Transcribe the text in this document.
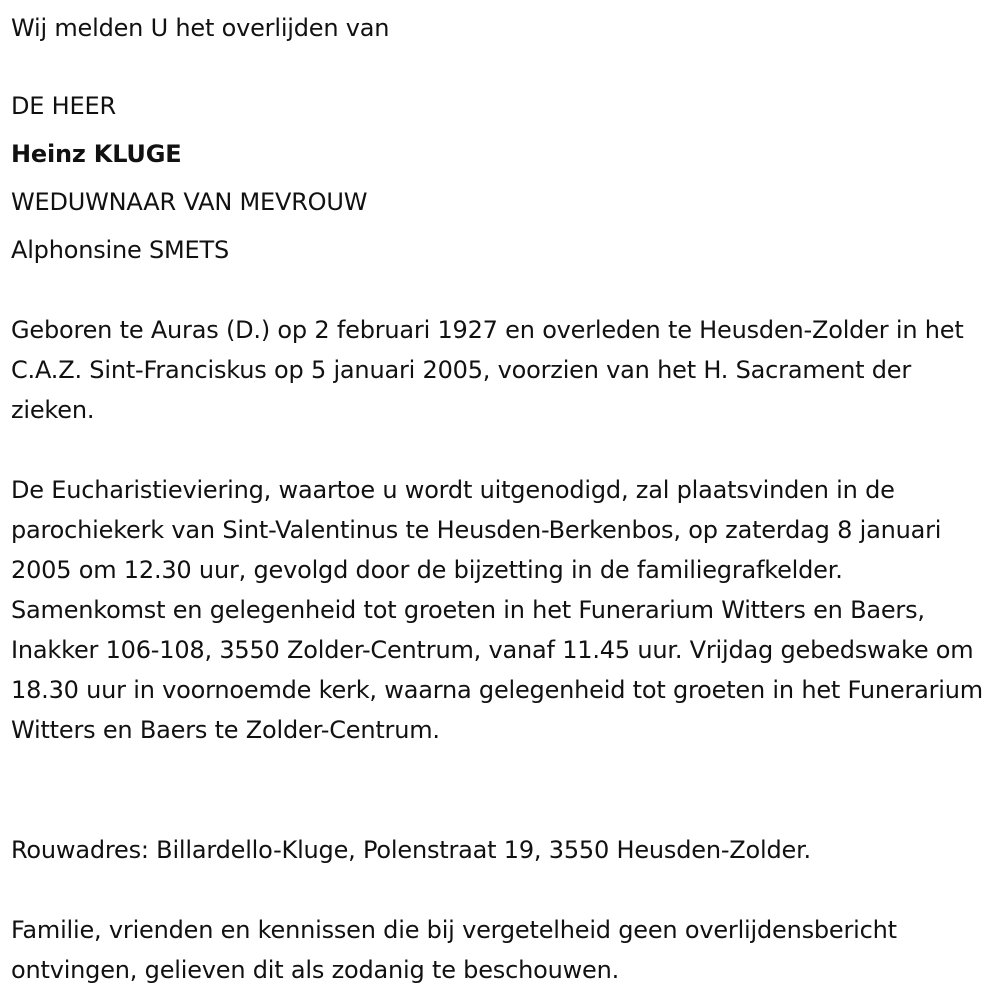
Wij melden U het overlijden van
DE HEER
Heinz KLUGE
WEDUWNAAR VAN MEVROUW
Alphonsine SMETS

Geboren te Auras (D.) op 2 februari 1927 en overleden te Heusden-Zolder in het C.A.Z. Sint-Franciskus op 5 januari 2005, voorzien van het H. Sacrament der zieken.

De Eucharistieviering, waartoe u wordt uitgenodigd, zal plaatsvinden in de parochiekerk van Sint-Valentinus te Heusden-Berkenbos, op zaterdag 8 januari 2005 om 12.30 uur, gevolgd door de bijzetting in de familiegrafkelder. Samenkomst en gelegenheid tot groeten in het Funerarium Witters en Baers, Inakker 106-108, 3550 Zolder-Centrum, vanaf 11.45 uur. Vrijdag gebedswake om 18.30 uur in voornoemde kerk, waarna gelegenheid tot groeten in het Funerarium Witters en Baers te Zolder-Centrum.

Rouwadres: Billardello-Kluge, Polenstraat 19, 3550 Heusden-Zolder.

Familie, vrienden en kennissen die bij vergetelheid geen overlijdensbericht ontvingen, gelieven dit als zodanig te beschouwen.
